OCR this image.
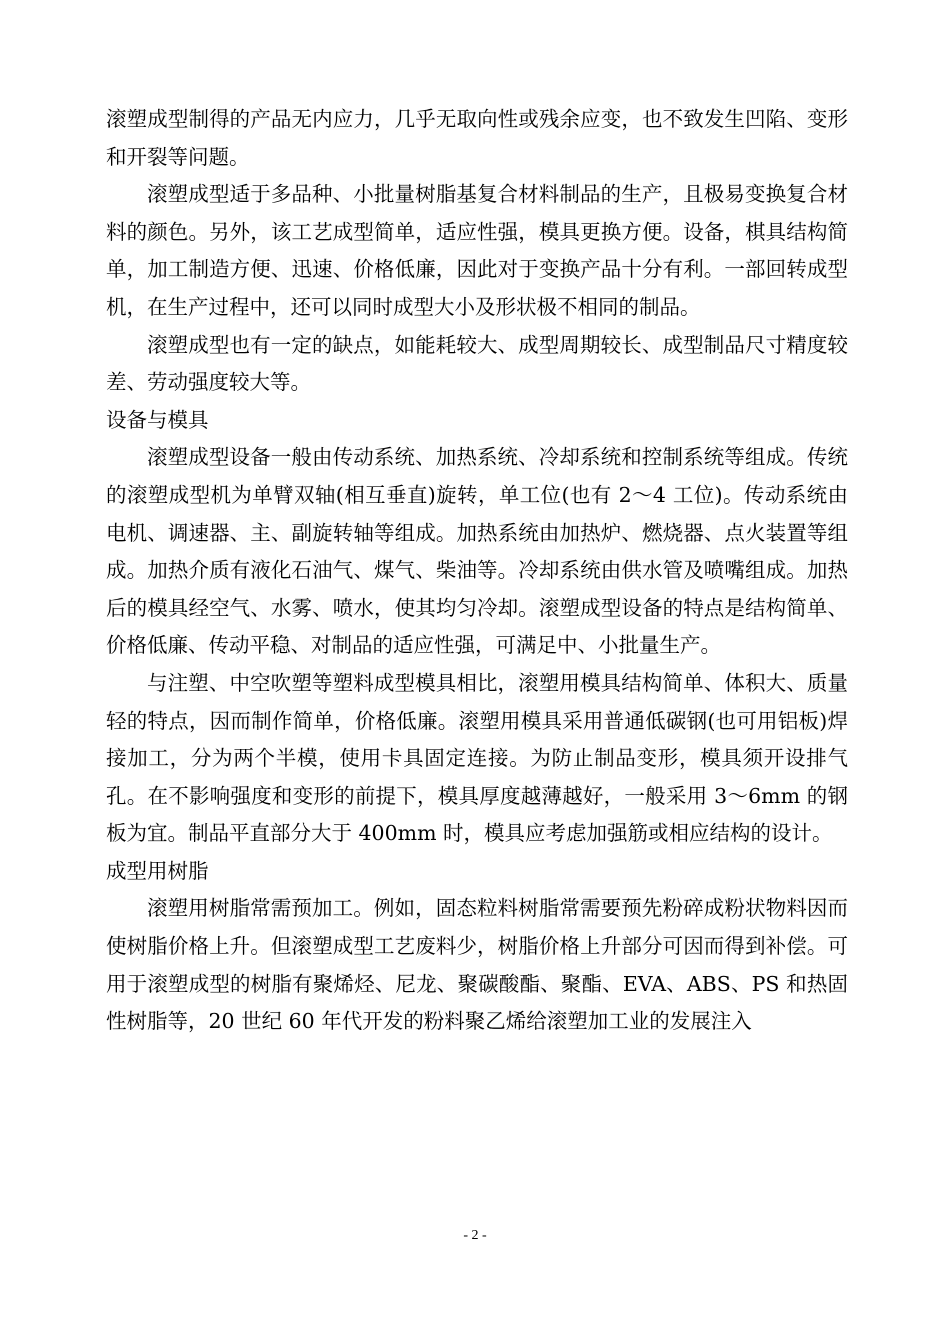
滚塑成型制得的产品无内应力，几乎无取向性或残余应变，也不致发生凹陷、变形和开裂等问题。

滚塑成型适于多品种、小批量树脂基复合材料制品的生产，且极易变换复合材料的颜色。另外，该工艺成型简单，适应性强，模具更换方便。设备，棋具结构简单，加工制造方便、迅速、价格低廉，因此对于变换产品十分有利。一部回转成型机，在生产过程中，还可以同时成型大小及形状极不相同的制品。

滚塑成型也有一定的缺点，如能耗较大、成型周期较长、成型制品尺寸精度较差、劳动强度较大等。

设备与模具

滚塑成型设备一般由传动系统、加热系统、冷却系统和控制系统等组成。传统的滚塑成型机为单臂双轴(相互垂直)旋转，单工位(也有 2～4 工位)。传动系统由电机、调速器、主、副旋转轴等组成。加热系统由加热炉、燃烧器、点火装置等组成。加热介质有液化石油气、煤气、柴油等。冷却系统由供水管及喷嘴组成。加热后的模具经空气、水雾、喷水，使其均匀冷却。滚塑成型设备的特点是结构简单、价格低廉、传动平稳、对制品的适应性强，可满足中、小批量生产。

与注塑、中空吹塑等塑料成型模具相比，滚塑用模具结构简单、体积大、质量轻的特点，因而制作简单，价格低廉。滚塑用模具采用普通低碳钢(也可用铝板)焊接加工，分为两个半模，使用卡具固定连接。为防止制品变形，模具须开设排气孔。在不影响强度和变形的前提下，模具厚度越薄越好，一般采用 3～6mm 的钢板为宜。制品平直部分大于 400mm 时，模具应考虑加强筋或相应结构的设计。

成型用树脂

滚塑用树脂常需预加工。例如，固态粒料树脂常需要预先粉碎成粉状物料因而使树脂价格上升。但滚塑成型工艺废料少，树脂价格上升部分可因而得到补偿。可用于滚塑成型的树脂有聚烯烃、尼龙、聚碳酸酯、聚酯、EVA、ABS、PS 和热固性树脂等，20 世纪 60 年代开发的粉料聚乙烯给滚塑加工业的发展注入

- 2 -
